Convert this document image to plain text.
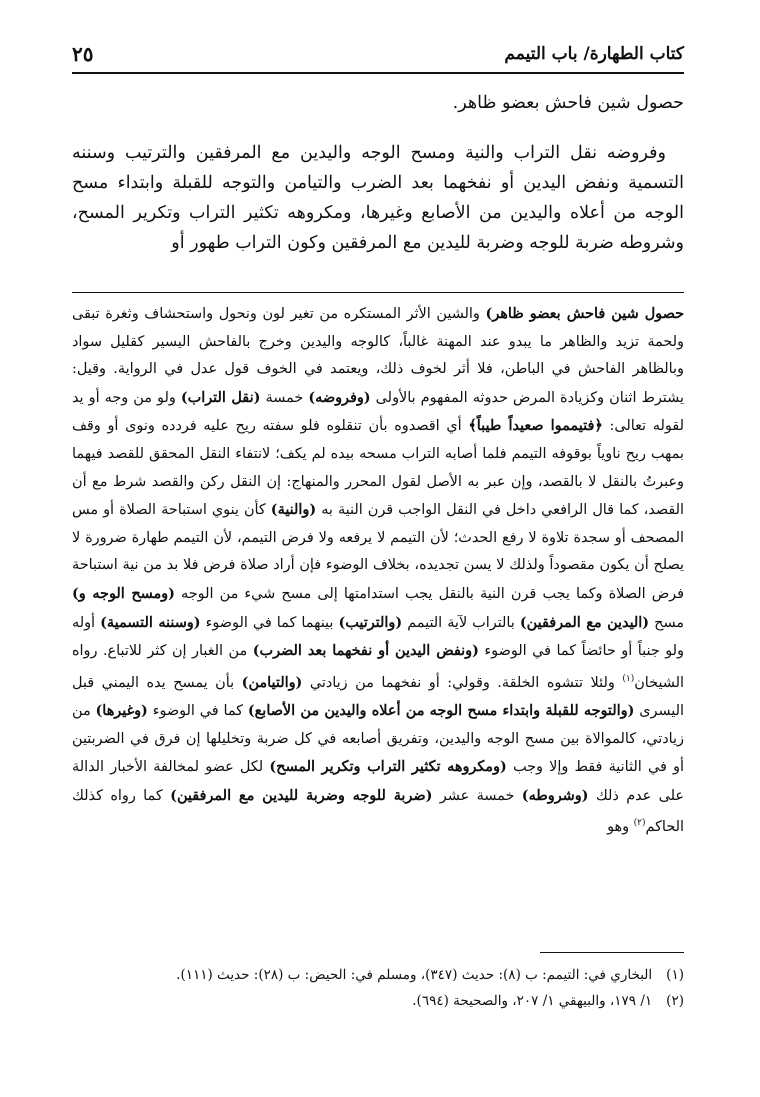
كتاب الطهارة/ باب التيمم
٢٥

حصول شين فاحش بعضو ظاهر.

وفروضه نقل التراب والنية ومسح الوجه واليدين مع المرفقين والترتيب وسننه التسمية ونفض اليدين أو نفخهما بعد الضرب والتيامن والتوجه للقبلة وابتداء مسح الوجه من أعلاه واليدين من الأصابع وغيرها، ومكروهه تكثير التراب وتكرير المسح، وشروطه ضربة للوجه وضربة لليدين مع المرفقين وكون التراب طهور أو

حصول شين فاحش بعضو ظاهر) والشين الأثر المستكره من تغير لون ونحول واستحشاف وثغرة تبقى ولحمة تزيد والظاهر ما يبدو عند المهنة غالباً، كالوجه واليدين وخرج بالفاحش اليسير كقليل سواد وبالظاهر الفاحش في الباطن، فلا أثر لخوف ذلك، ويعتمد في الخوف قول عدل في الرواية. وقيل: يشترط اثنان وكزيادة المرض حدوثه المفهوم بالأولى (وفروضه) خمسة (نقل التراب) ولو من وجه أو يد لقوله تعالى: ﴿فتيمموا صعيداً طيباً﴾ أي اقصدوه بأن تنقلوه فلو سفته ريح عليه فردده ونوى أو وقف بمهب ريح ناوياً بوقوفه التيمم فلما أصابه التراب مسحه بيده لم يكف؛ لانتفاء النقل المحقق للقصد فيهما وعبرتُ بالنقل لا بالقصد، وإن عبر به الأصل لقول المحرر والمنهاج: إن النقل ركن والقصد شرط مع أن القصد، كما قال الرافعي داخل في النقل الواجب قرن النية به (والنية) كأن ينوي استباحة الصلاة أو مس المصحف أو سجدة تلاوة لا رفع الحدث؛ لأن التيمم لا يرفعه ولا فرض التيمم، لأن التيمم طهارة ضرورة لا يصلح أن يكون مقصوداً ولذلك لا يسن تجديده، بخلاف الوضوء فإن أراد صلاة فرض فلا بد من نية استباحة فرض الصلاة وكما يجب قرن النية بالنقل يجب استدامتها إلى مسح شيء من الوجه (ومسح الوجه و) مسح (اليدين مع المرفقين) بالتراب لآية التيمم (والترتيب) بينهما كما في الوضوء (وسننه التسمية) أوله ولو جنباً أو حائضاً كما في الوضوء (ونفض اليدين أو نفخهما بعد الضرب) من الغبار إن كثر للاتباع. رواه الشيخان$^{(١)}$ ولئلا تتشوه الخلقة. وقولي: أو نفخهما من زيادتي (والتيامن) بأن يمسح يده اليمني قبل اليسرى (والتوجه للقبلة وابتداء مسح الوجه من أعلاه واليدين من الأصابع) كما في الوضوء (وغيرها) من زيادتي، كالموالاة بين مسح الوجه واليدين، وتفريق أصابعه في كل ضربة وتخليلها إن فرق في الضربتين أو في الثانية فقط وإلا وجب (ومكروهه تكثير التراب وتكرير المسح) لكل عضو لمخالفة الأخبار الدالة على عدم ذلك (وشروطه) خمسة عشر (ضربة للوجه وضربة لليدين مع المرفقين) كما رواه كذلك الحاكم$^{(٢)}$ وهو

(١)البخاري في: التيمم: ب (٨): حديث (٣٤٧)، ومسلم في: الحيض: ب (٢٨): حديث (١١١).
(٢)١/ ١٧٩، والبيهقي ١/ ٢٠٧، والصحيحة (٦٩٤).
